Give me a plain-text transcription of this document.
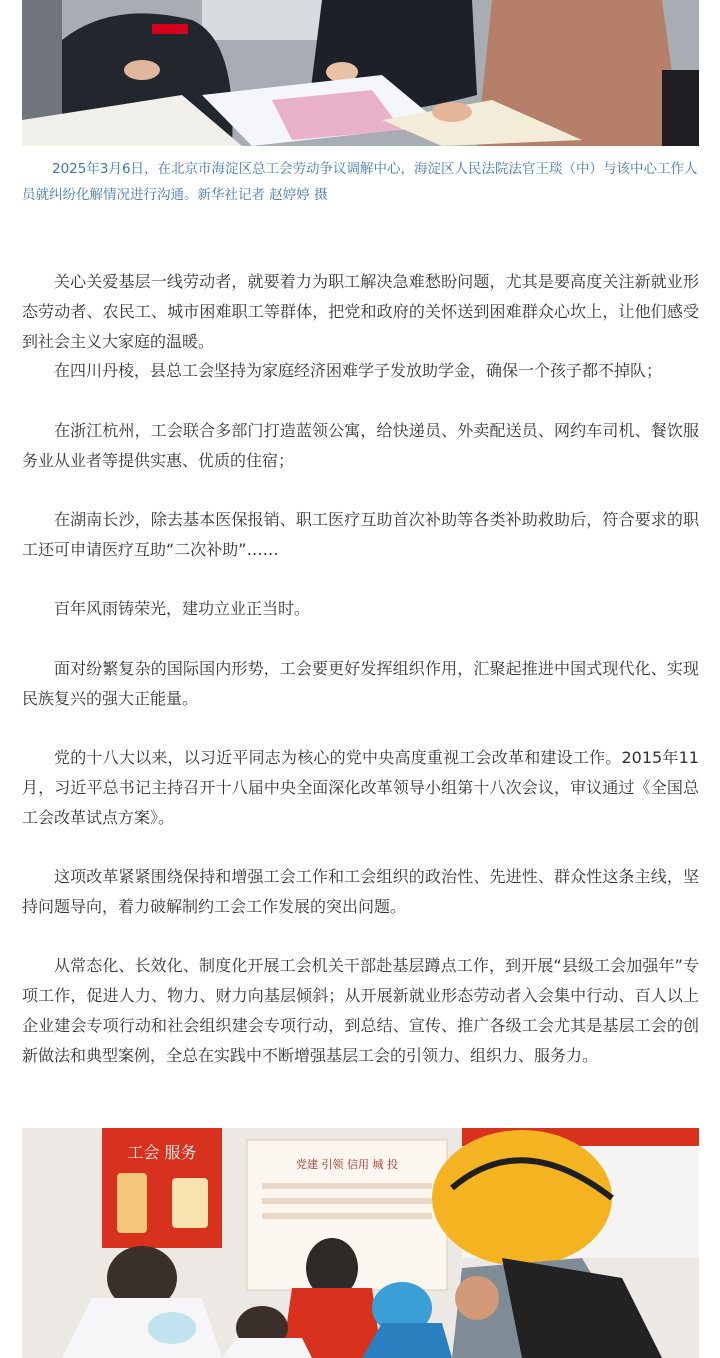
2025年3月6日，在北京市海淀区总工会劳动争议调解中心，海淀区人民法院法官王琰（中）与该中心工作人员就纠纷化解情况进行沟通。新华社记者 赵婷婷 摄

关心关爱基层一线劳动者，就要着力为职工解决急难愁盼问题，尤其是要高度关注新就业形态劳动者、农民工、城市困难职工等群体，把党和政府的关怀送到困难群众心坎上，让他们感受到社会主义大家庭的温暖。

在四川丹棱，县总工会坚持为家庭经济困难学子发放助学金，确保一个孩子都不掉队；

在浙江杭州，工会联合多部门打造蓝领公寓，给快递员、外卖配送员、网约车司机、餐饮服务业从业者等提供实惠、优质的住宿；

在湖南长沙，除去基本医保报销、职工医疗互助首次补助等各类补助救助后，符合要求的职工还可申请医疗互助“二次补助”……

百年风雨铸荣光，建功立业正当时。

面对纷繁复杂的国际国内形势，工会要更好发挥组织作用，汇聚起推进中国式现代化、实现民族复兴的强大正能量。

党的十八大以来，以习近平同志为核心的党中央高度重视工会改革和建设工作。2015年11月，习近平总书记主持召开十八届中央全面深化改革领导小组第十八次会议，审议通过《全国总工会改革试点方案》。

这项改革紧紧围绕保持和增强工会工作和工会组织的政治性、先进性、群众性这条主线，坚持问题导向，着力破解制约工会工作发展的突出问题。

从常态化、长效化、制度化开展工会机关干部赴基层蹲点工作，到开展“县级工会加强年”专项工作，促进人力、物力、财力向基层倾斜；从开展新就业形态劳动者入会集中行动、百人以上企业建会专项行动和社会组织建会专项行动，到总结、宣传、推广各级工会尤其是基层工会的创新做法和典型案例，全总在实践中不断增强基层工会的引领力、组织力、服务力。

工会 服务
党建 引领 信用 城 投
